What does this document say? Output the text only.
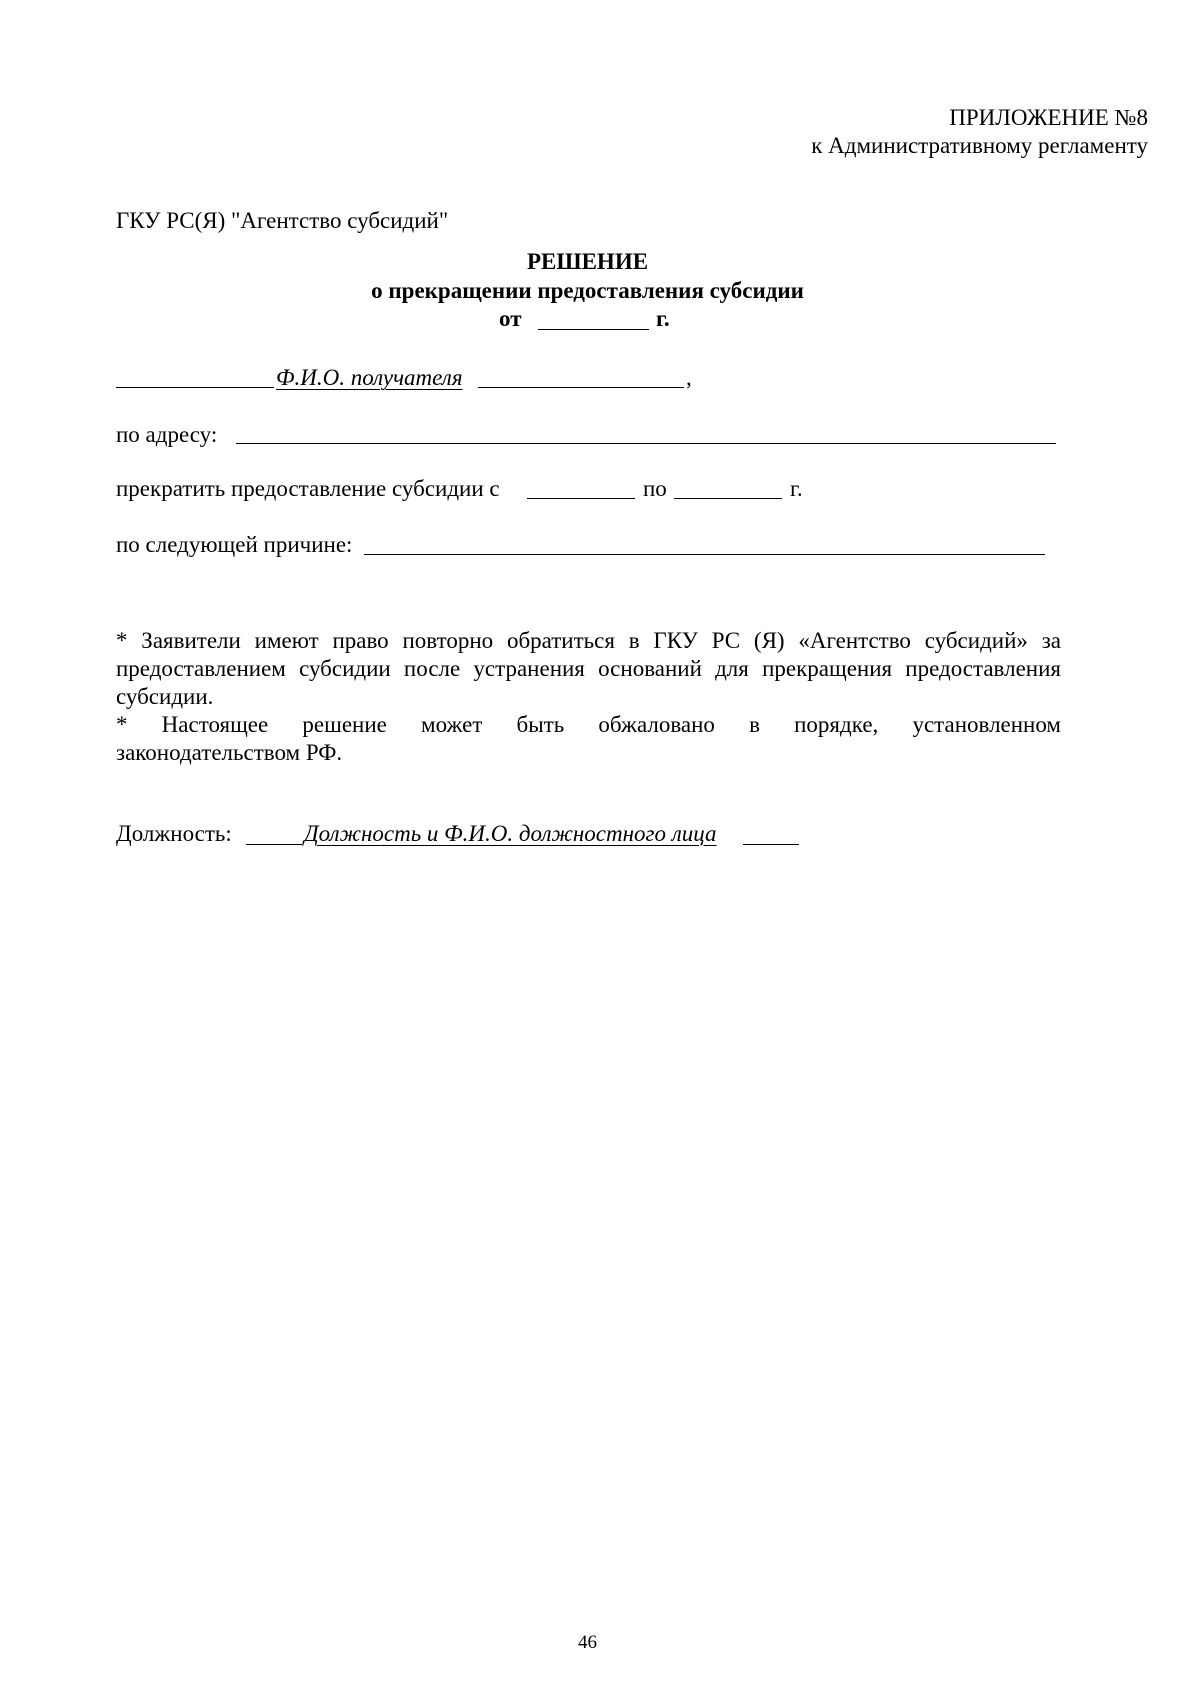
ПРИЛОЖЕНИЕ №8
к Административному регламенту
ГКУ РС(Я) "Агентство субсидий"
РЕШЕНИЕ
о прекращении предоставления субсидии
от	г.
Ф.И.О. получателя	,
по адресу:
прекратить предоставление субсидии с	по	г.
по следующей причине:
* Заявители имеют право повторно обратиться в ГКУ РС (Я) «Агентство субсидий» за
предоставлением субсидии после устранения оснований для прекращения предоставления
субсидии.
* Настоящее решение может быть обжаловано в порядке, установленном
законодательством РФ.
Должность:	Должность и Ф.И.О. должностного лица
46
